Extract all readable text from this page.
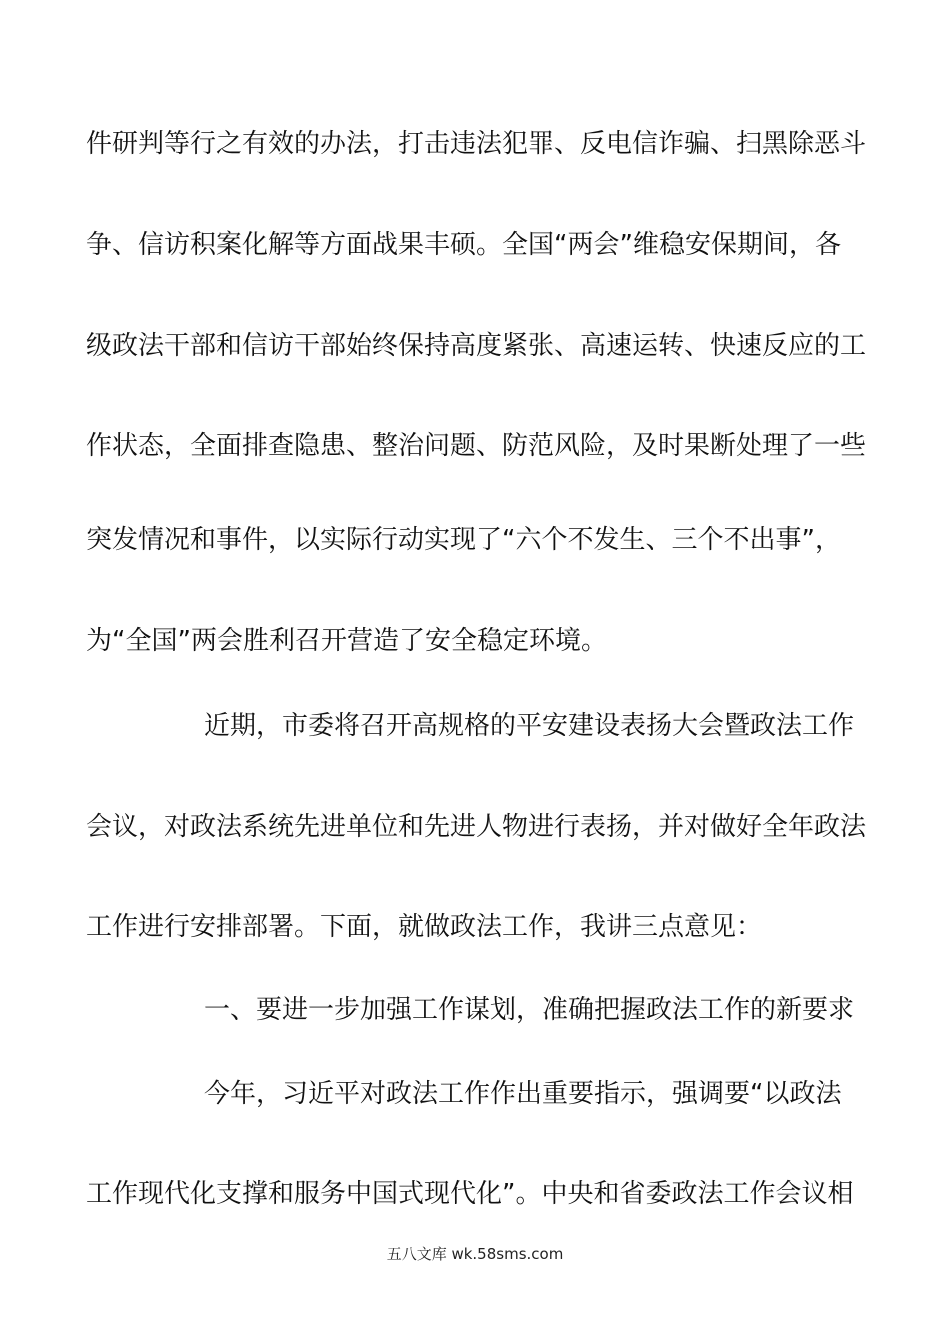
件研判等行之有效的办法，打击违法犯罪、反电信诈骗、扫黑除恶斗
争、信访积案化解等方面战果丰硕。全国“两会”维稳安保期间，各
级政法干部和信访干部始终保持高度紧张、高速运转、快速反应的工
作状态，全面排查隐患、整治问题、防范风险，及时果断处理了一些
突发情况和事件，以实际行动实现了“六个不发生、三个不出事”，
为“全国”两会胜利召开营造了安全稳定环境。
近期，市委将召开高规格的平安建设表扬大会暨政法工作
会议，对政法系统先进单位和先进人物进行表扬，并对做好全年政法
工作进行安排部署。下面，就做政法工作，我讲三点意见：
一、要进一步加强工作谋划，准确把握政法工作的新要求
今年，习近平对政法工作作出重要指示，强调要“以政法
工作现代化支撑和服务中国式现代化”。中央和省委政法工作会议相
五八文库 wk.58sms.com
